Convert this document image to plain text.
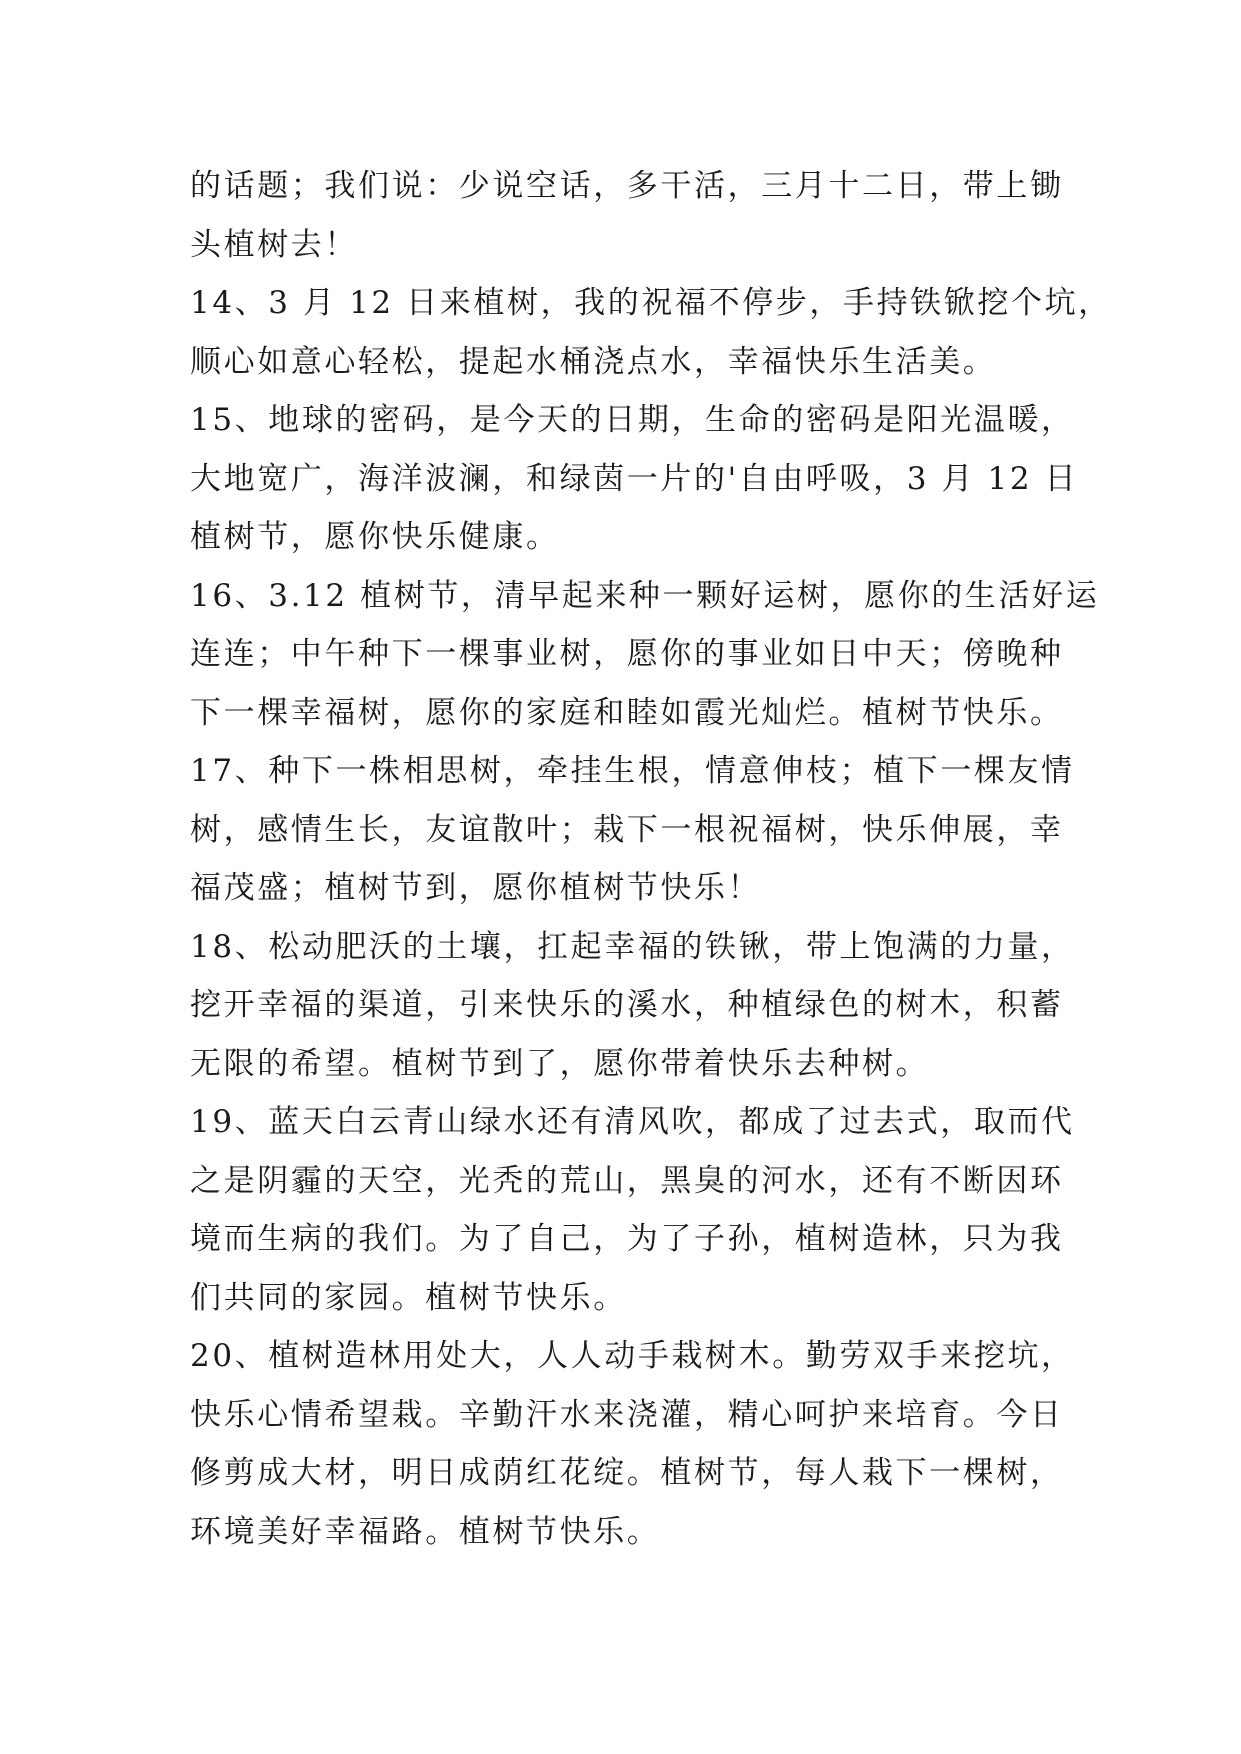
的话题；我们说：少说空话，多干活，三月十二日，带上锄
头植树去！
14、3 月 12 日来植树，我的祝福不停步，手持铁锨挖个坑，
顺心如意心轻松，提起水桶浇点水，幸福快乐生活美。
15、地球的密码，是今天的日期，生命的密码是阳光温暖，
大地宽广，海洋波澜，和绿茵一片的'自由呼吸，3 月 12 日
植树节，愿你快乐健康。
16、3.12 植树节，清早起来种一颗好运树，愿你的生活好运
连连；中午种下一棵事业树，愿你的事业如日中天；傍晚种
下一棵幸福树，愿你的家庭和睦如霞光灿烂。植树节快乐。
17、种下一株相思树，牵挂生根，情意伸枝；植下一棵友情
树，感情生长，友谊散叶；栽下一根祝福树，快乐伸展，幸
福茂盛；植树节到，愿你植树节快乐！
18、松动肥沃的土壤，扛起幸福的铁锹，带上饱满的力量，
挖开幸福的渠道，引来快乐的溪水，种植绿色的树木，积蓄
无限的希望。植树节到了，愿你带着快乐去种树。
19、蓝天白云青山绿水还有清风吹，都成了过去式，取而代
之是阴霾的天空，光秃的荒山，黑臭的河水，还有不断因环
境而生病的我们。为了自己，为了子孙，植树造林，只为我
们共同的家园。植树节快乐。
20、植树造林用处大，人人动手栽树木。勤劳双手来挖坑，
快乐心情希望栽。辛勤汗水来浇灌，精心呵护来培育。今日
修剪成大材，明日成荫红花绽。植树节，每人栽下一棵树，
环境美好幸福路。植树节快乐。
